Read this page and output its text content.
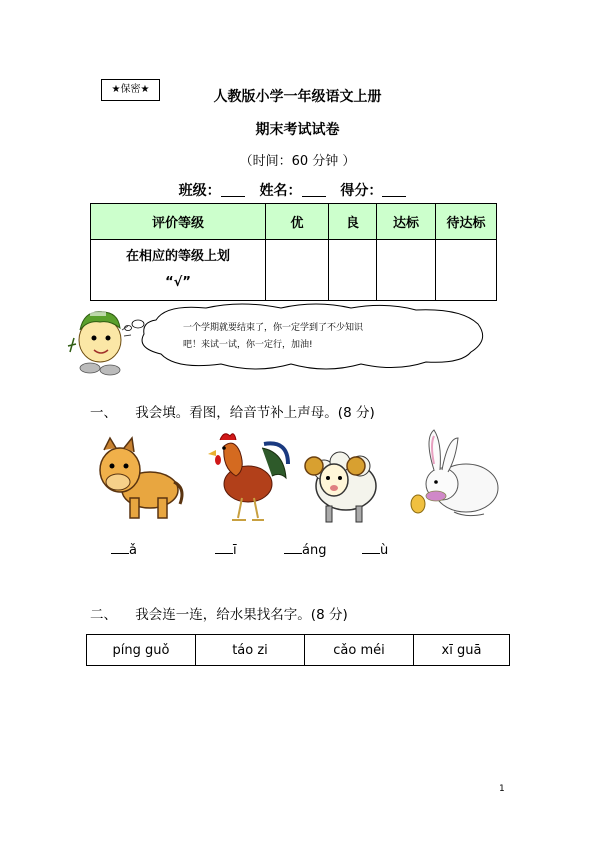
★保密★	人教版小学一年级语文上册
期末考试试卷
（时间：60 分钟 ）
班级：	姓名：	得分：
评价等级	优	良	达标	待达标

在相应的等级上划
“√”				

一个学期就要结束了，你一定学到了不少知识
吧！来试一试，你一定行，加油!
一、 我会填。看图，给音节补上声母。(8 分)
ǎ	ī	áng	ù
二、 我会连一连，给水果找名字。(8 分)
píng guǒ	táo zi	cǎo méi	xī guā
1
